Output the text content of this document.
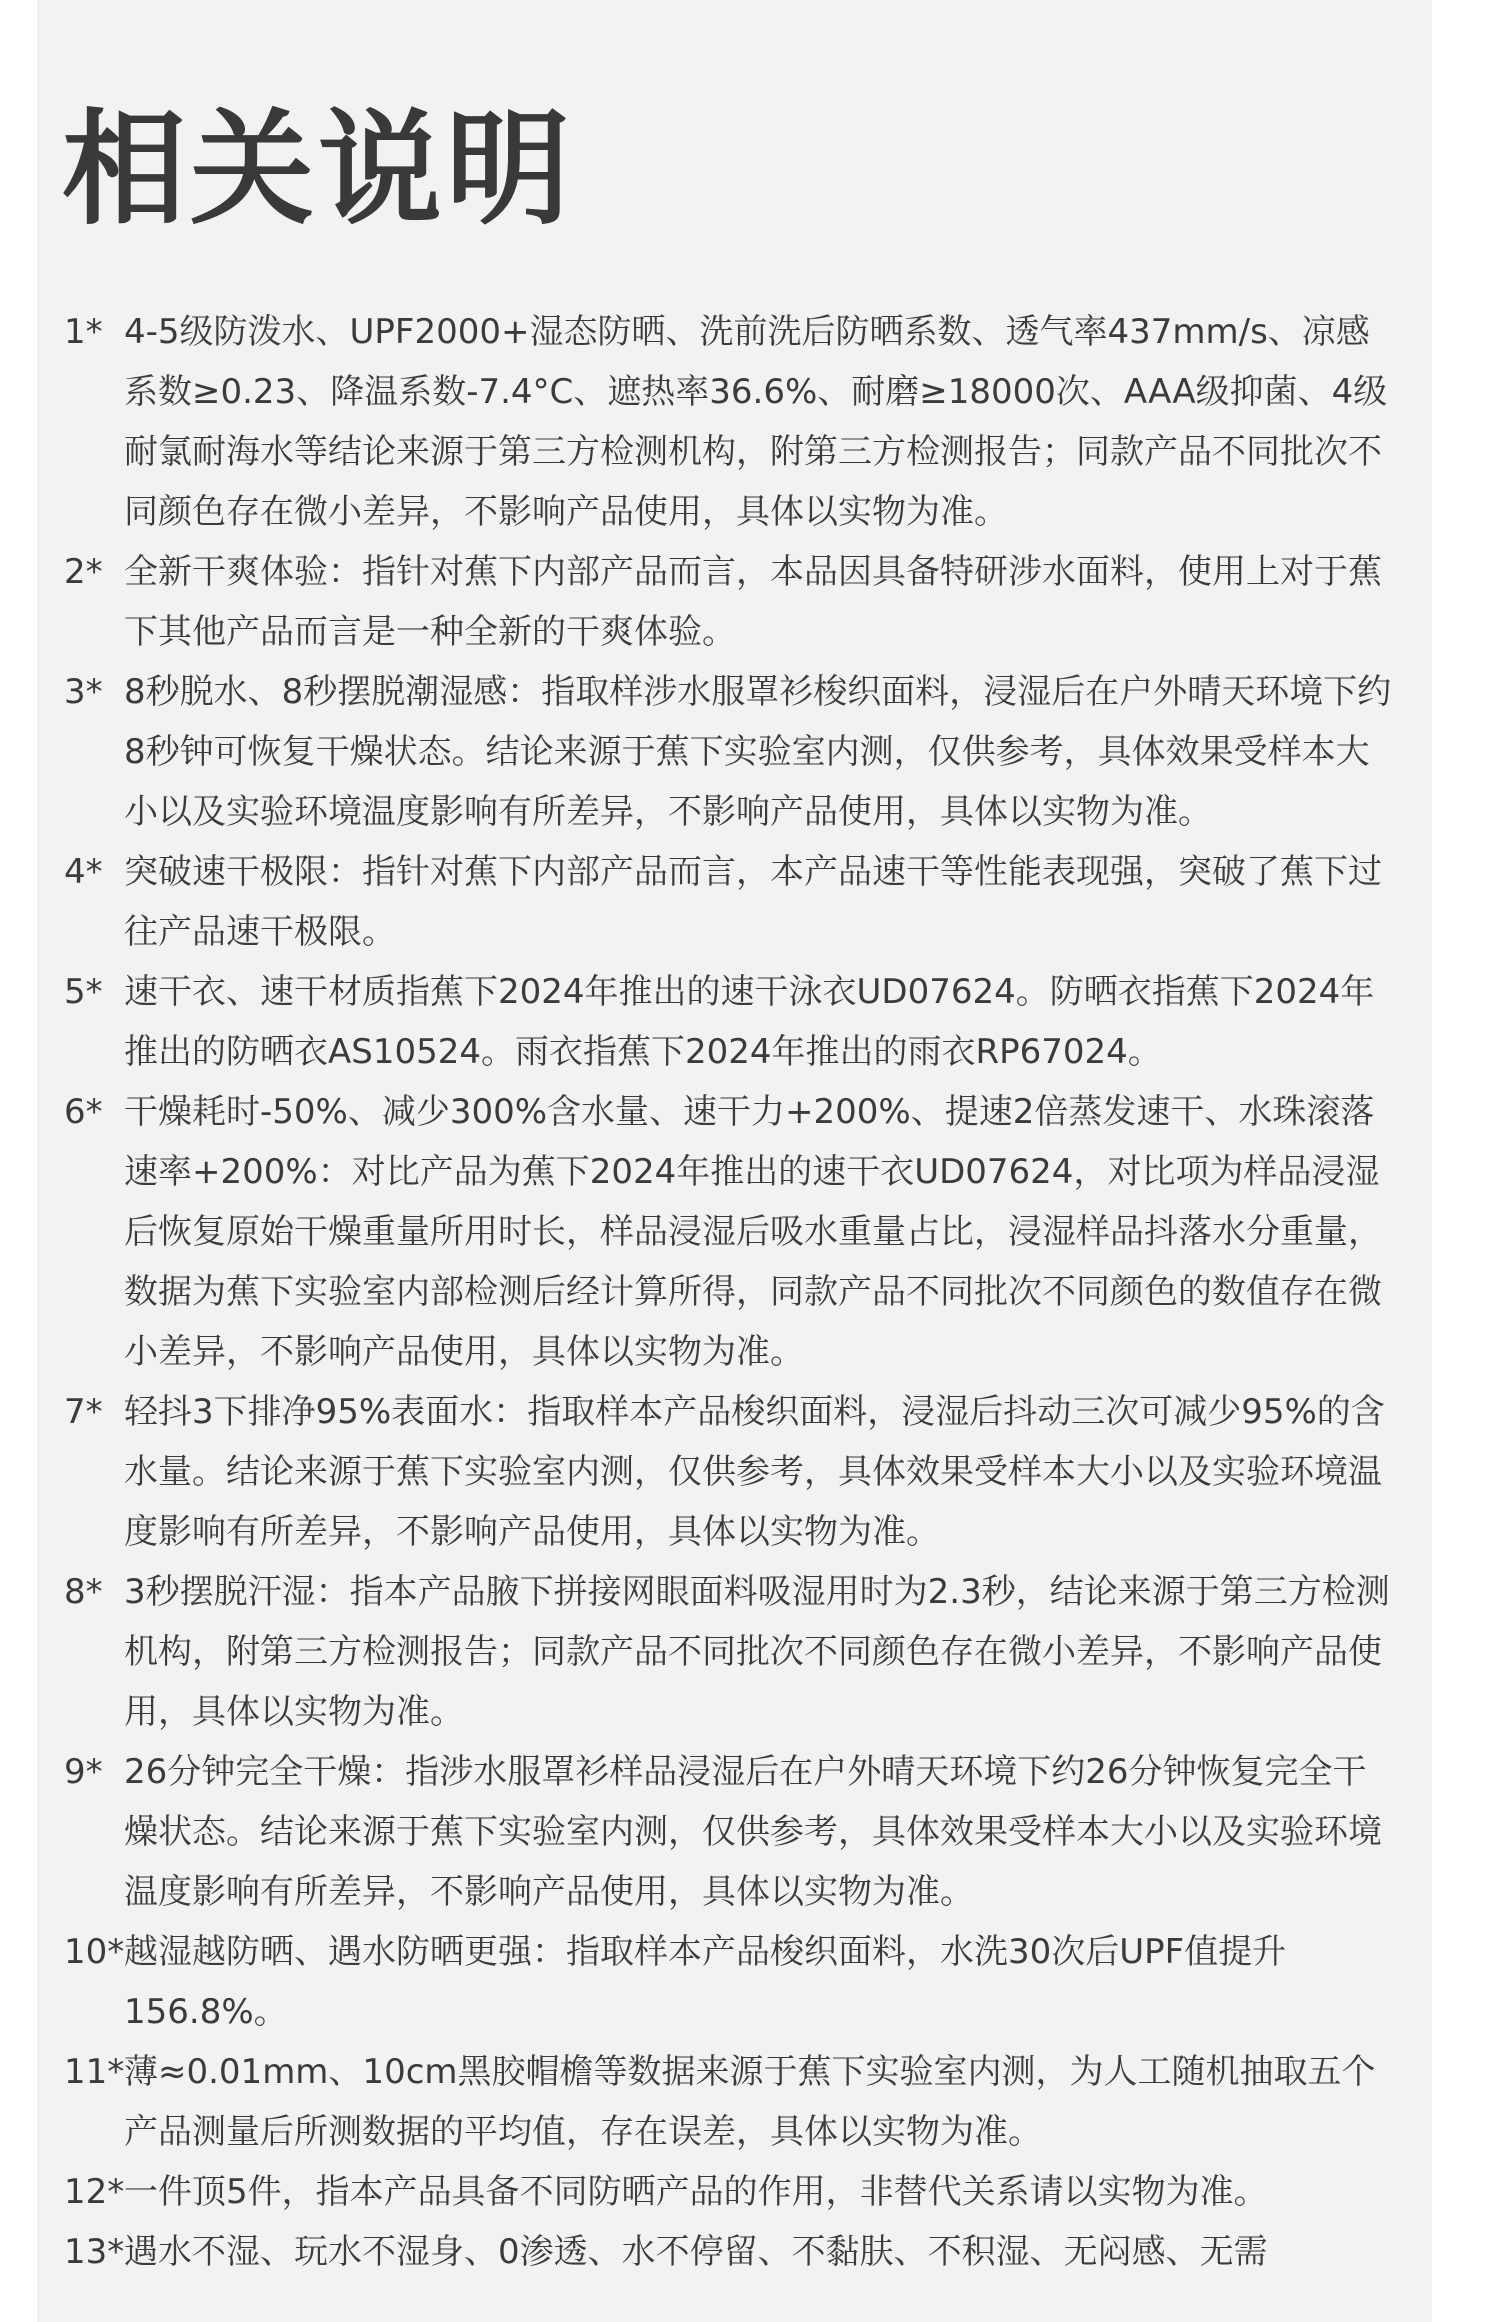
相关说明
1* 4-5级防泼水、UPF2000+湿态防晒、洗前洗后防晒系数、透气率437mm/s、凉感系数≥0.23、降温系数-7.4°C、遮热率36.6%、耐磨≥18000次、AAA级抑菌、4级耐氯耐海水等结论来源于第三方检测机构，附第三方检测报告；同款产品不同批次不同颜色存在微小差异，不影响产品使用，具体以实物为准。
2* 全新干爽体验：指针对蕉下内部产品而言，本品因具备特研涉水面料，使用上对于蕉下其他产品而言是一种全新的干爽体验。
3* 8秒脱水、8秒摆脱潮湿感：指取样涉水服罩衫梭织面料，浸湿后在户外晴天环境下约8秒钟可恢复干燥状态。结论来源于蕉下实验室内测，仅供参考，具体效果受样本大小以及实验环境温度影响有所差异，不影响产品使用，具体以实物为准。
4* 突破速干极限：指针对蕉下内部产品而言，本产品速干等性能表现强，突破了蕉下过往产品速干极限。
5* 速干衣、速干材质指蕉下2024年推出的速干泳衣UD07624。防晒衣指蕉下2024年推出的防晒衣AS10524。雨衣指蕉下2024年推出的雨衣RP67024。
6* 干燥耗时-50%、减少300%含水量、速干力+200%、提速2倍蒸发速干、水珠滚落速率+200%：对比产品为蕉下2024年推出的速干衣UD07624，对比项为样品浸湿后恢复原始干燥重量所用时长，样品浸湿后吸水重量占比，浸湿样品抖落水分重量，数据为蕉下实验室内部检测后经计算所得，同款产品不同批次不同颜色的数值存在微小差异，不影响产品使用，具体以实物为准。
7* 轻抖3下排净95%表面水：指取样本产品梭织面料，浸湿后抖动三次可减少95%的含水量。结论来源于蕉下实验室内测，仅供参考，具体效果受样本大小以及实验环境温度影响有所差异，不影响产品使用，具体以实物为准。
8* 3秒摆脱汗湿：指本产品腋下拼接网眼面料吸湿用时为2.3秒，结论来源于第三方检测机构，附第三方检测报告；同款产品不同批次不同颜色存在微小差异，不影响产品使用，具体以实物为准。
9* 26分钟完全干燥：指涉水服罩衫样品浸湿后在户外晴天环境下约26分钟恢复完全干燥状态。结论来源于蕉下实验室内测，仅供参考，具体效果受样本大小以及实验环境温度影响有所差异，不影响产品使用，具体以实物为准。
10* 越湿越防晒、遇水防晒更强：指取样本产品梭织面料，水洗30次后UPF值提升156.8%。
11* 薄≈0.01mm、10cm黑胶帽檐等数据来源于蕉下实验室内测，为人工随机抽取五个产品测量后所测数据的平均值，存在误差，具体以实物为准。
12* 一件顶5件，指本产品具备不同防晒产品的作用，非替代关系请以实物为准。
13* 遇水不湿、玩水不湿身、0渗透、水不停留、不黏肤、不积湿、无闷感、无需
